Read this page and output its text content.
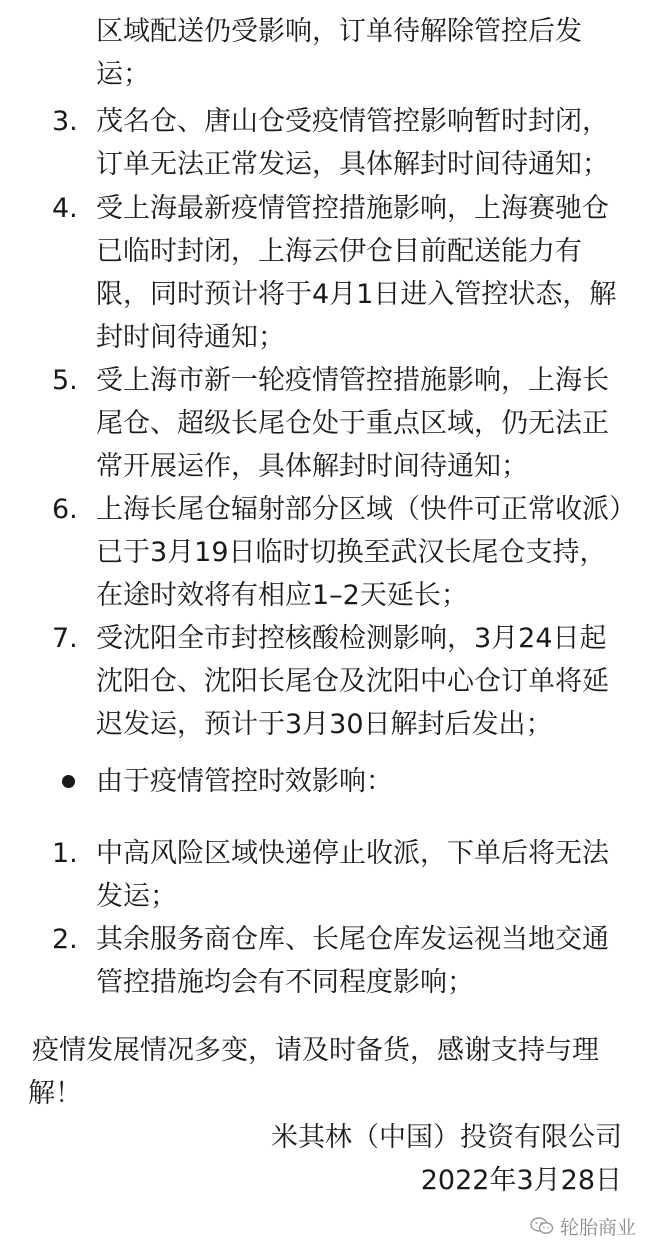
区域配送仍受影响，订单待解除管控后发
运；
3. 茂名仓、唐山仓受疫情管控影响暂时封闭，订单无法正常发运，具体解封时间待通知；
4. 受上海最新疫情管控措施影响，上海赛驰仓已临时封闭，上海云伊仓目前配送能力有限，同时预计将于4月1日进入管控状态，解封时间待通知；
5. 受上海市新一轮疫情管控措施影响，上海长尾仓、超级长尾仓处于重点区域，仍无法正常开展运作，具体解封时间待通知；
6. 上海长尾仓辐射部分区域（快件可正常收派）已于3月19日临时切换至武汉长尾仓支持，在途时效将有相应1–2天延长；
7. 受沈阳全市封控核酸检测影响，3月24日起沈阳仓、沈阳长尾仓及沈阳中心仓订单将延迟发运，预计于3月30日解封后发出；
由于疫情管控时效影响：
1. 中高风险区域快递停止收派，下单后将无法发运；
2. 其余服务商仓库、长尾仓库发运视当地交通管控措施均会有不同程度影响；
疫情发展情况多变，请及时备货，感谢支持与理解！
米其林（中国）投资有限公司
2022年3月28日
轮胎商业
